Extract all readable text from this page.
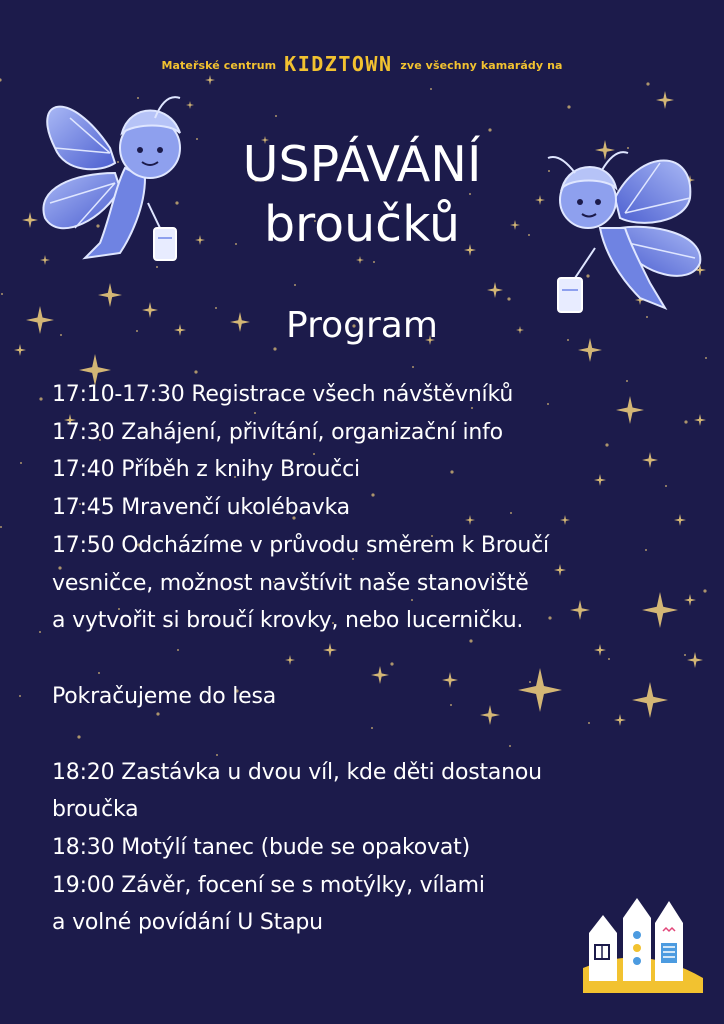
Mateřské centrum KIDZTOWN zve všechny kamarády na
USPÁVÁNÍ
broučků
Program
17:10-17:30 Registrace všech návštěvníků
17:30 Zahájení, přivítání, organizační info
17:40 Příběh z knihy Broučci
17:45 Mravenčí ukolébavka
17:50 Odcházíme v průvodu směrem k Broučí
vesničce, možnost navštívit naše stanoviště
a vytvořit si broučí krovky, nebo lucerničku.
Pokračujeme do lesa
18:20 Zastávka u dvou víl, kde děti dostanou
broučka
18:30 Motýlí tanec (bude se opakovat)
19:00 Závěr, focení se s motýlky, vílami
a volné povídání U Stapu
